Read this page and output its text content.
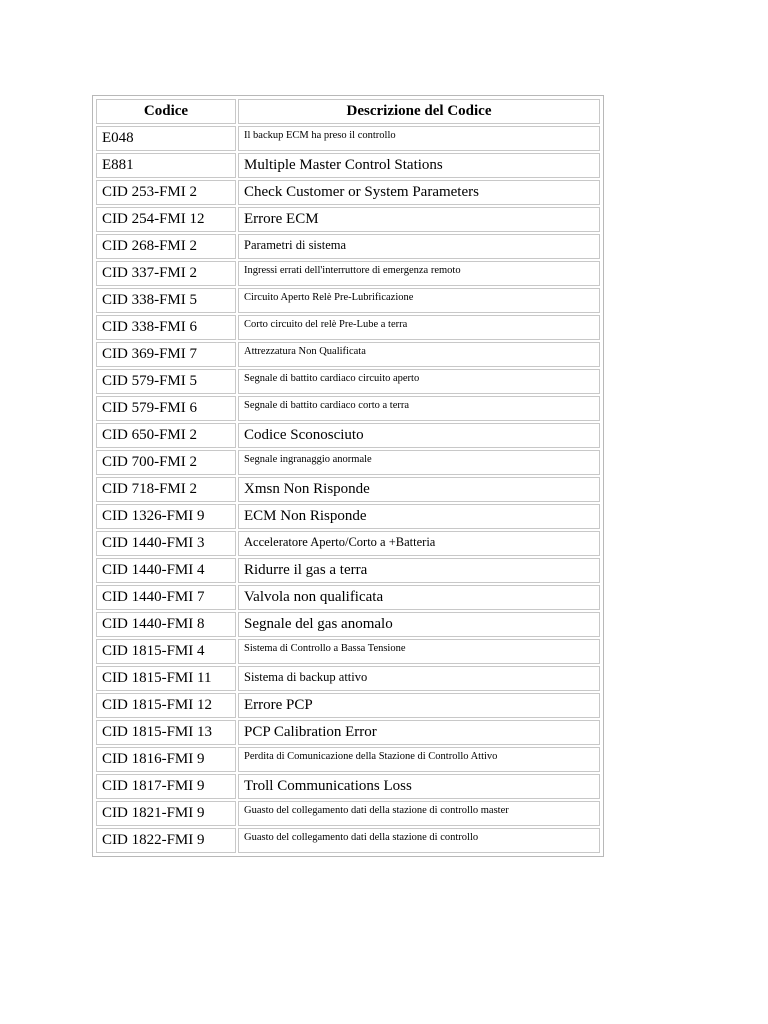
Codice	Descrizione del Codice
E048	Il backup ECM ha preso il controllo
E881	Multiple Master Control Stations
CID 253-FMI 2	Check Customer or System Parameters
CID 254-FMI 12	Errore ECM
CID 268-FMI 2	Parametri di sistema
CID 337-FMI 2	Ingressi errati dell'interruttore di emergenza remoto
CID 338-FMI 5	Circuito Aperto Relè Pre-Lubrificazione
CID 338-FMI 6	Corto circuito del relè Pre-Lube a terra
CID 369-FMI 7	Attrezzatura Non Qualificata
CID 579-FMI 5	Segnale di battito cardiaco circuito aperto
CID 579-FMI 6	Segnale di battito cardiaco corto a terra
CID 650-FMI 2	Codice Sconosciuto
CID 700-FMI 2	Segnale ingranaggio anormale
CID 718-FMI 2	Xmsn Non Risponde
CID 1326-FMI 9	ECM Non Risponde
CID 1440-FMI 3	Acceleratore Aperto/Corto a +Batteria
CID 1440-FMI 4	Ridurre il gas a terra
CID 1440-FMI 7	Valvola non qualificata
CID 1440-FMI 8	Segnale del gas anomalo
CID 1815-FMI 4	Sistema di Controllo a Bassa Tensione
CID 1815-FMI 11	Sistema di backup attivo
CID 1815-FMI 12	Errore PCP
CID 1815-FMI 13	PCP Calibration Error
CID 1816-FMI 9	Perdita di Comunicazione della Stazione di Controllo Attivo
CID 1817-FMI 9	Troll Communications Loss
CID 1821-FMI 9	Guasto del collegamento dati della stazione di controllo master
CID 1822-FMI 9	Guasto del collegamento dati della stazione di controllo
